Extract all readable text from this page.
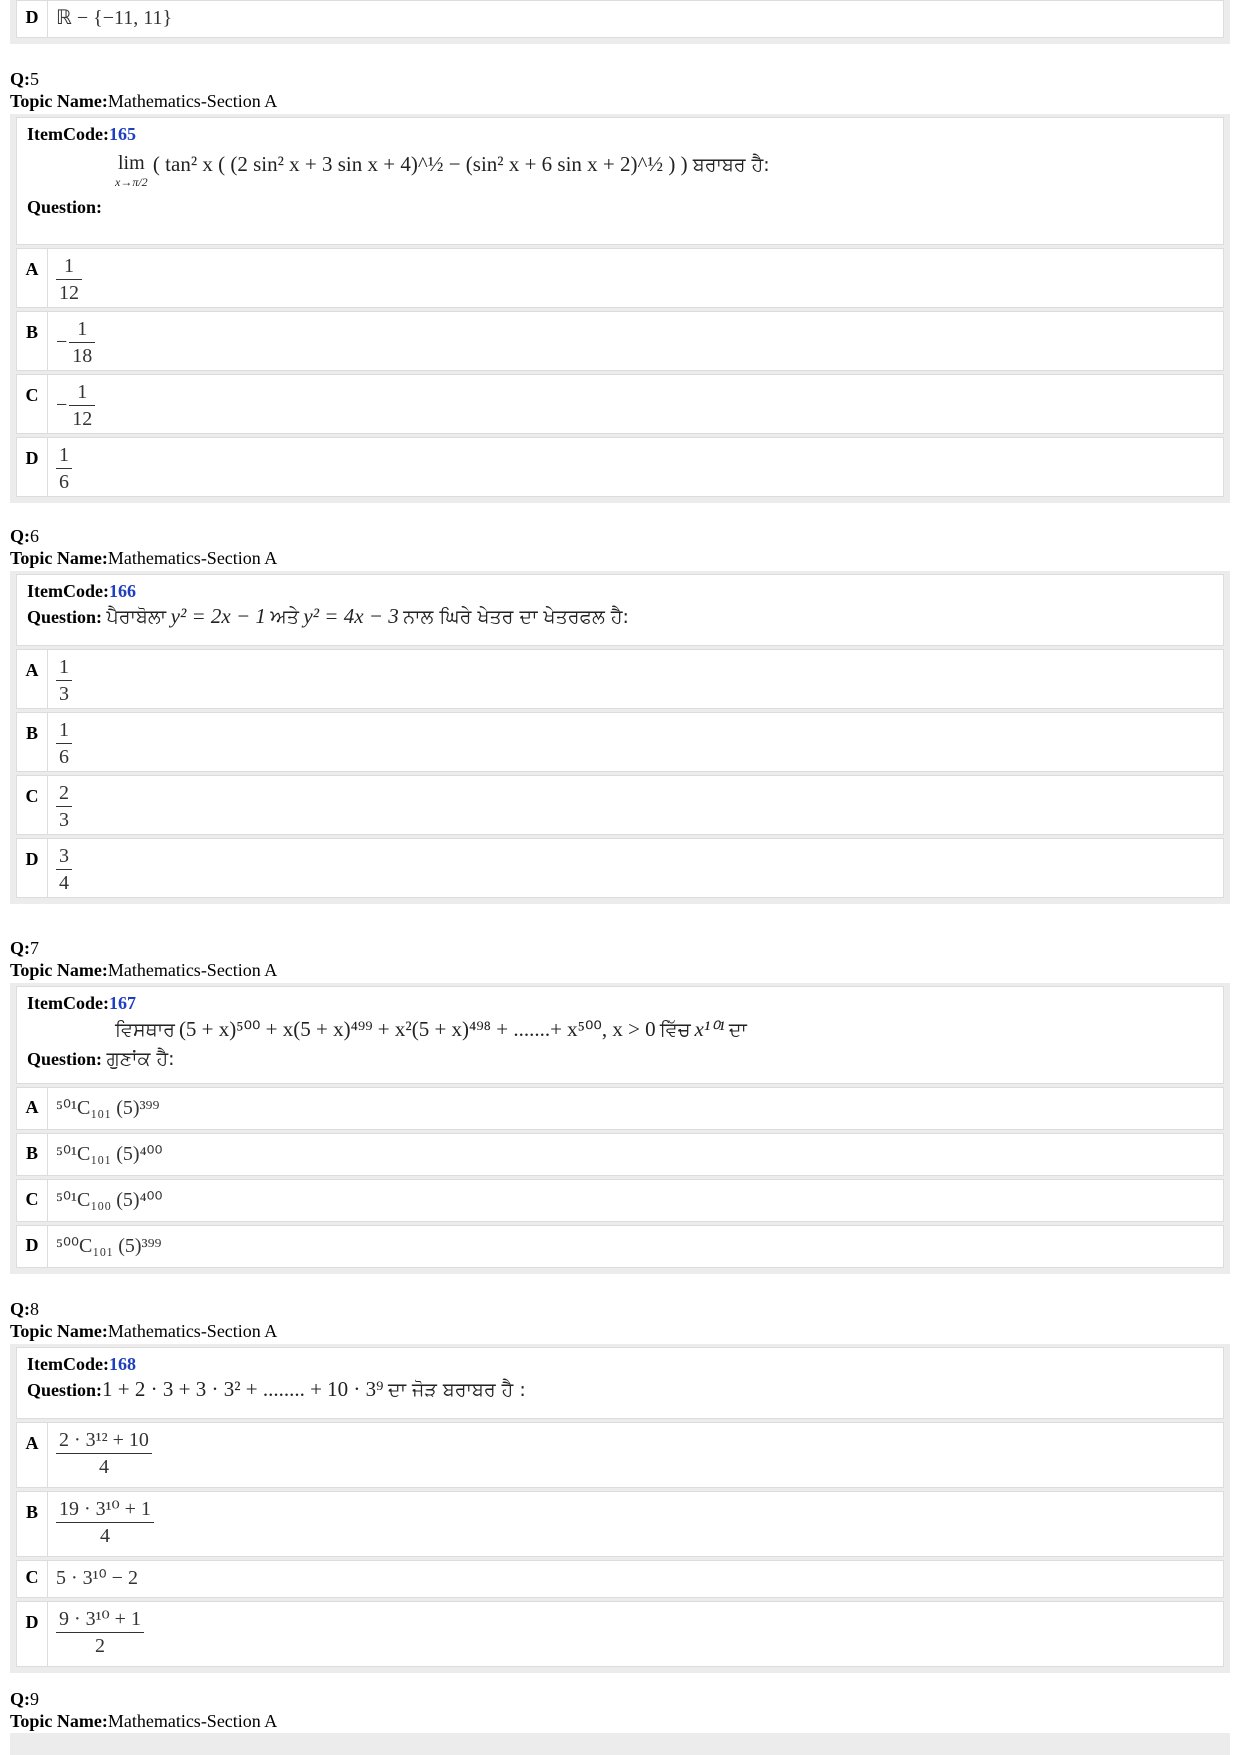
D ℝ − {−11, 11}
Q:5
Topic Name:Mathematics-Section A
ItemCode:165
lim
x→π/2
( tan² x ( (2 sin² x + 3 sin x + 4)^½ − (sin² x + 6 sin x + 2)^½ ) ) ਬਰਾਬਰ ਹੈ:
Question:
A $\frac{1}{12}$
$B - \frac{1}{18}$
$C - \frac{1}{12}$
D $\frac{1}{6}$
Q:6
Topic Name:Mathematics-Section A
ItemCode:166
Question: ਪੈਰਾਬੋਲਾ y² = 2x − 1 ਅਤੇ y² = 4x − 3 ਨਾਲ ਘਿਰੇ ਖੇਤਰ ਦਾ ਖੇਤਰਫਲ ਹੈ:
A $\frac{1}{3}$
B $\frac{1}{6}$
C $\frac{2}{3}$
D $\frac{3}{4}$
Q:7
Topic Name:Mathematics-Section A
ItemCode:167
ਵਿਸਥਾਰ (5 + x)⁵⁰⁰ + x(5 + x)⁴⁹⁹ + x²(5 + x)⁴⁹⁸ + .......+ x⁵⁰⁰, x > 0 ਵਿੱਚ x¹⁰¹ ਦਾ
Question: ਗੁਣਾਂਕ ਹੈ:
A ⁵⁰¹C₁₀₁ (5)³⁹⁹
B ⁵⁰¹C₁₀₁ (5)⁴⁰⁰
C ⁵⁰¹C₁₀₀ (5)⁴⁰⁰
D ⁵⁰⁰C₁₀₁ (5)³⁹⁹
Q:8
Topic Name:Mathematics-Section A
ItemCode:168
Question:1 + 2 · 3 + 3 · 3² + ........ + 10 · 3⁹ ਦਾ ਜੋੜ ਬਰਾਬਰ ਹੈ :
A $\frac{\text{2 · 3¹² + 10}}{4}$
B $\frac{\text{19 · 3¹⁰ + 1}}{4}$
C 5 · 3¹⁰ − 2
D $\frac{\text{9 · 3¹⁰ + 1}}{2}$
Q:9
Topic Name:Mathematics-Section A
